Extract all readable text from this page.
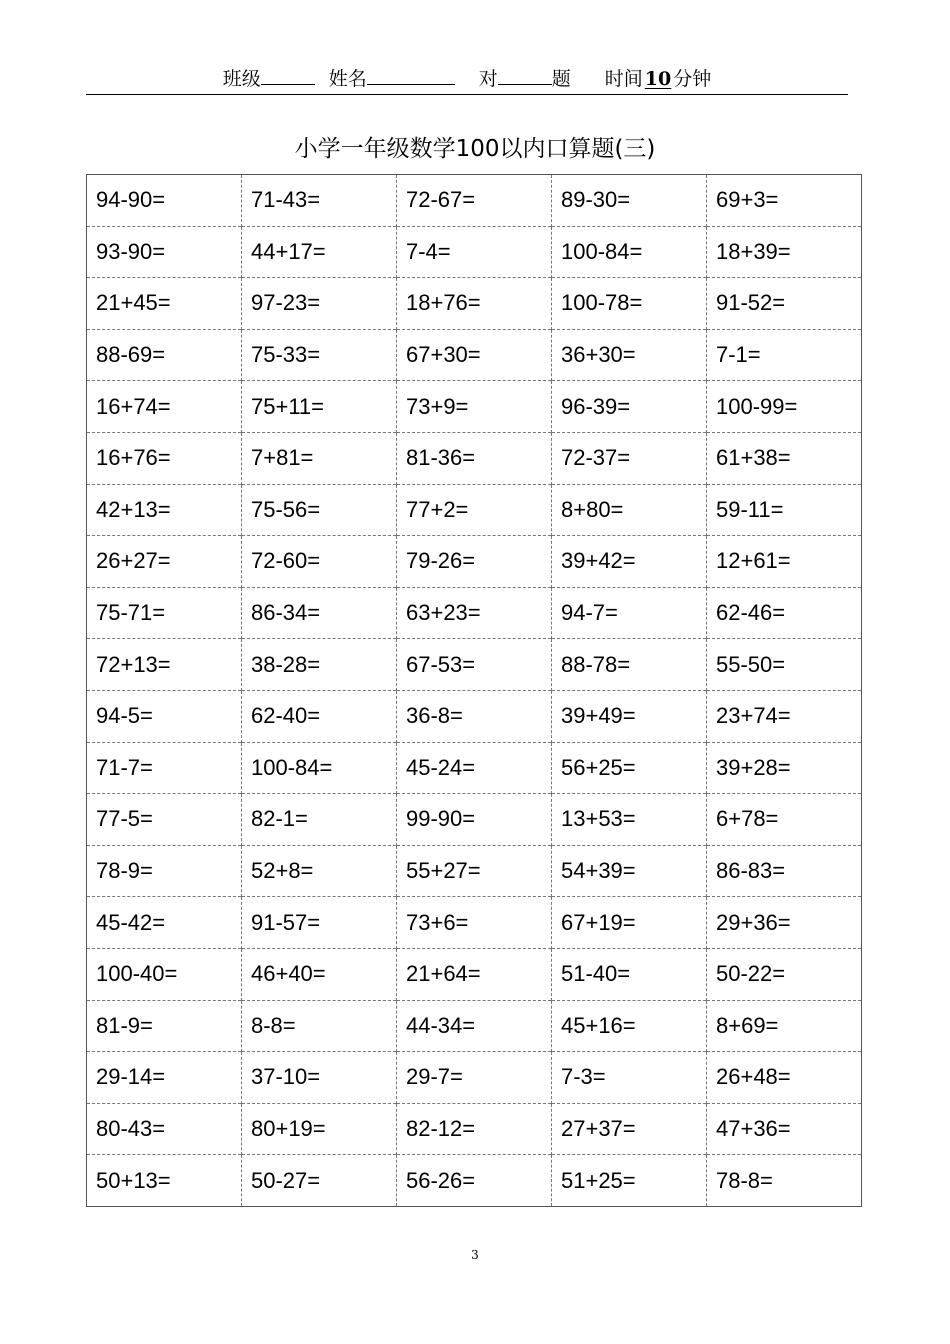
班级	姓名	对	题 时间 10 分钟
小学一年级数学100以内口算题(三)
94-90=	71-43=	72-67=	89-30=	69+3=
93-90=	44+17=	7-4=	100-84=	18+39=
21+45=	97-23=	18+76=	100-78=	91-52=
88-69=	75-33=	67+30=	36+30=	7-1=
16+74=	75+11=	73+9=	96-39=	100-99=
16+76=	7+81=	81-36=	72-37=	61+38=
42+13=	75-56=	77+2=	8+80=	59-11=
26+27=	72-60=	79-26=	39+42=	12+61=
75-71=	86-34=	63+23=	94-7=	62-46=
72+13=	38-28=	67-53=	88-78=	55-50=
94-5=	62-40=	36-8=	39+49=	23+74=
71-7=	100-84=	45-24=	56+25=	39+28=
77-5=	82-1=	99-90=	13+53=	6+78=
78-9=	52+8=	55+27=	54+39=	86-83=
45-42=	91-57=	73+6=	67+19=	29+36=
100-40=	46+40=	21+64=	51-40=	50-22=
81-9=	8-8=	44-34=	45+16=	8+69=
29-14=	37-10=	29-7=	7-3=	26+48=
80-43=	80+19=	82-12=	27+37=	47+36=
50+13=	50-27=	56-26=	51+25=	78-8=
3
